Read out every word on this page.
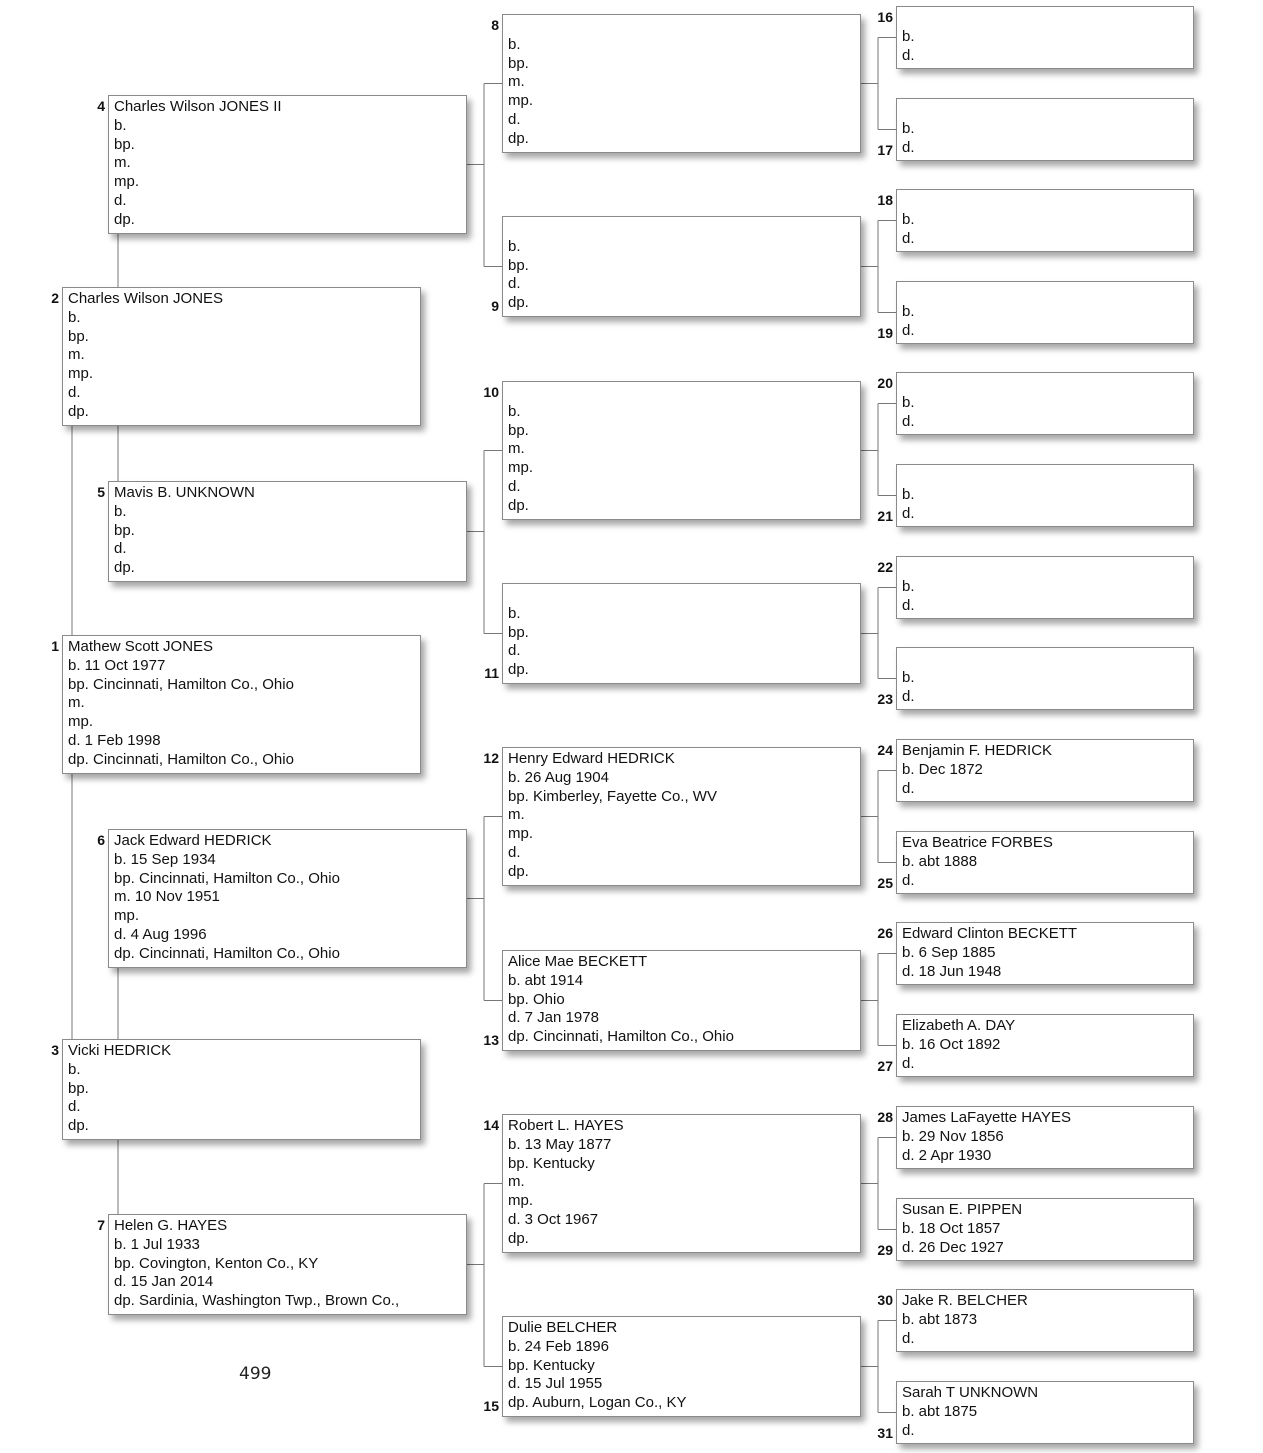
Mathew Scott JONES
b. 11 Oct 1977
bp. Cincinnati, Hamilton Co., Ohio
m.
mp.
d. 1 Feb 1998
dp. Cincinnati, Hamilton Co., Ohio
1
Charles Wilson JONES
b.
bp.
m.
mp.
d.
dp.
2
Vicki HEDRICK
b.
bp.
d.
dp.
3
Charles Wilson JONES II
b.
bp.
m.
mp.
d.
dp.
4
Mavis B. UNKNOWN
b.
bp.
d.
dp.
5
Jack Edward HEDRICK
b. 15 Sep 1934
bp. Cincinnati, Hamilton Co., Ohio
m. 10 Nov 1951
mp.
d. 4 Aug 1996
dp. Cincinnati, Hamilton Co., Ohio
6
Helen G. HAYES
b. 1 Jul 1933
bp. Covington, Kenton Co., KY
d. 15 Jan 2014
dp. Sardinia, Washington Twp., Brown Co.,
7

b.
bp.
m.
mp.
d.
dp.
8

b.
bp.
d.
dp.
9

b.
bp.
m.
mp.
d.
dp.
10

b.
bp.
d.
dp.
11
Henry Edward HEDRICK
b. 26 Aug 1904
bp. Kimberley, Fayette Co., WV
m.
mp.
d.
dp.
12
Alice Mae BECKETT
b. abt 1914
bp. Ohio
d. 7 Jan 1978
dp. Cincinnati, Hamilton Co., Ohio
13
Robert L. HAYES
b. 13 May 1877
bp. Kentucky
m.
mp.
d. 3 Oct 1967
dp.
14
Dulie BELCHER
b. 24 Feb 1896
bp. Kentucky
d. 15 Jul 1955
dp. Auburn, Logan Co., KY
15

b.
d.
16

b.
d.
17

b.
d.
18

b.
d.
19

b.
d.
20

b.
d.
21

b.
d.
22

b.
d.
23
Benjamin F. HEDRICK
b. Dec 1872
d.
24
Eva Beatrice FORBES
b. abt 1888
d.
25
Edward Clinton BECKETT
b. 6 Sep 1885
d. 18 Jun 1948
26
Elizabeth A. DAY
b. 16 Oct 1892
d.
27
James LaFayette HAYES
b. 29 Nov 1856
d. 2 Apr 1930
28
Susan E. PIPPEN
b. 18 Oct 1857
d. 26 Dec 1927
29
Jake R. BELCHER
b. abt 1873
d.
30
Sarah T UNKNOWN
b. abt 1875
d.
31
499
